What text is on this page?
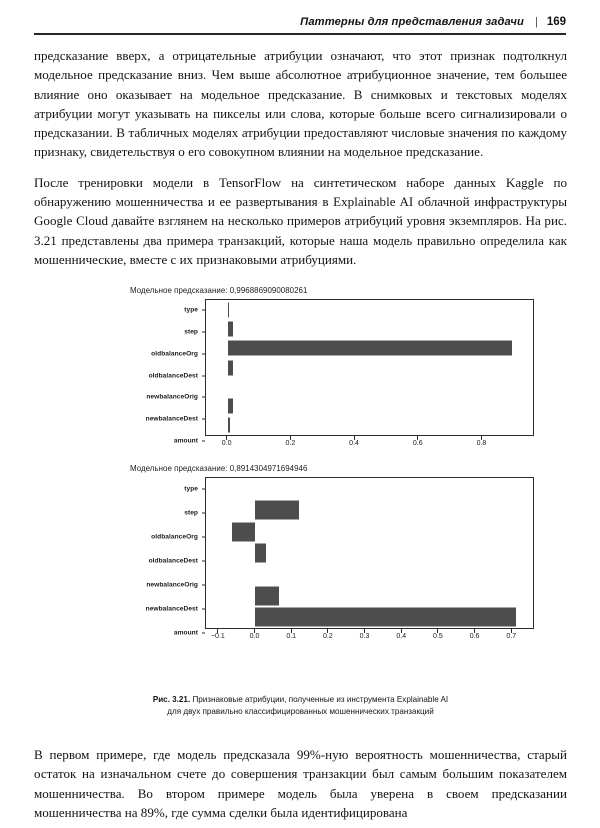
Паттерны для представления задачи | 169

предсказание вверх, а отрицательные атрибуции означают, что этот признак подтолкнул модельное предсказание вниз. Чем выше абсолютное атрибуционное значение, тем большее влияние оно оказывает на модельное предсказание. В снимковых и текстовых моделях атрибуции могут указывать на пикселы или слова, которые больше всего сигнализировали о предсказании. В табличных моделях атрибуции предоставляют числовые значения по каждому признаку, свидетельствуя о его совокупном влиянии на модельное предсказание.

После тренировки модели в TensorFlow на синтетическом наборе данных Kaggle по обнаружению мошенничества и ее развертывания в Explainable AI облачной инфраструктуры Google Cloud давайте взглянем на несколько примеров атрибуций уровня экземпляров. На рис. 3.21 представлены два примера транзакций, которые наша модель правильно определила как мошеннические, вместе с их признаковыми атрибуциями.

Модельное предсказание: 0,9968869090080261
type
step
oldbalanceOrg
oldbalanceDest
newbalanceOrig
newbalanceDest
amount	0.0	0.2	0.4	0.6	0.8
Модельное предсказание: 0,8914304971694946
type
step
oldbalanceOrg
oldbalanceDest
newbalanceOrig
newbalanceDest
amount
−0.1	0.0	0.1	0.2	0.3	0.4	0.5	0.6	0.7
Рис. 3.21. Признаковые атрибуции, полученные из инструмента Explainable AI
для двух правильно классифицированных мошеннических транзакций

В первом примере, где модель предсказала 99%-ную вероятность мошенничества, старый остаток на изначальном счете до совершения транзакции был самым большим показателем мошенничества. Во втором примере модель была уверена в своем предсказании мошенничества на 89%, где сумма сделки была идентифицирована
